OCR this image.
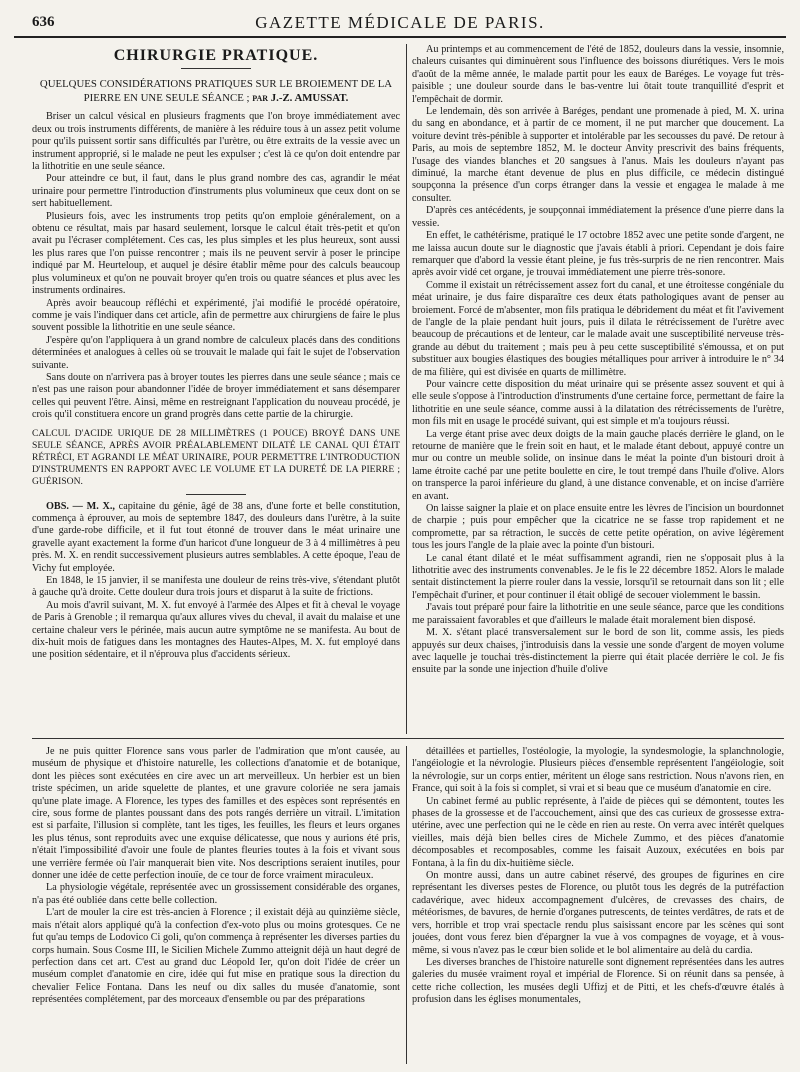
636	GAZETTE MÉDICALE DE PARIS.
CHIRURGIE PRATIQUE.
QUELQUES CONSIDÉRATIONS PRATIQUES SUR LE BROIEMENT DE LA PIERRE EN UNE SEULE SÉANCE ; par J.-Z. AMUSSAT.

Briser un calcul vésical en plusieurs fragments que l'on broye immédiatement avec deux ou trois instruments différents, de manière à les réduire tous à un assez petit volume pour qu'ils puissent sortir sans difficultés par l'urètre, ou être extraits de la vessie avec un instrument approprié, si le malade ne peut les expulser ; c'est là ce qu'on doit entendre par la lithotritie en une seule séance.

Pour atteindre ce but, il faut, dans le plus grand nombre des cas, agrandir le méat urinaire pour permettre l'introduction d'instruments plus volumineux que ceux dont on se sert habituellement.

Plusieurs fois, avec les instruments trop petits qu'on emploie généralement, on a obtenu ce résultat, mais par hasard seulement, lorsque le calcul était très-petit et qu'on avait pu l'écraser complétement. Ces cas, les plus simples et les plus heureux, sont aussi les plus rares que l'on puisse rencontrer ; mais ils ne peuvent servir à poser le principe indiqué par M. Heurteloup, et auquel je désire établir même pour des calculs beaucoup plus volumineux et qu'on ne pouvait broyer qu'en trois ou quatre séances et plus avec les instruments ordinaires.

Après avoir beaucoup réfléchi et expérimenté, j'ai modifié le procédé opératoire, comme je vais l'indiquer dans cet article, afin de permettre aux chirurgiens de faire le plus souvent possible la lithotritie en une seule séance.

J'espère qu'on l'appliquera à un grand nombre de calculeux placés dans des conditions déterminées et analogues à celles où se trouvait le malade qui fait le sujet de l'observation suivante.

Sans doute on n'arrivera pas à broyer toutes les pierres dans une seule séance ; mais ce n'est pas une raison pour abandonner l'idée de broyer immédiatement et sans désemparer celles qui peuvent l'être. Ainsi, même en restreignant l'application du nouveau procédé, je crois qu'il constituera encore un grand progrès dans cette partie de la chirurgie.

CALCUL D'ACIDE URIQUE DE 28 MILLIMÈTRES (1 POUCE) BROYÉ DANS UNE SEULE SÉANCE, APRÈS AVOIR PRÉALABLEMENT DILATÉ LE CANAL QUI ÉTAIT RÉTRÉCI, ET AGRANDI LE MÉAT URINAIRE, POUR PERMETTRE L'INTRODUCTION D'INSTRUMENTS EN RAPPORT AVEC LE VOLUME ET LA DURETÉ DE LA PIERRE ; GUÉRISON.

OBS. — M. X., capitaine du génie, âgé de 38 ans, d'une forte et belle constitution, commença à éprouver, au mois de septembre 1847, des douleurs dans l'urètre, à la suite d'une garde-robe difficile, et il fut tout étonné de trouver dans le méat urinaire une gravelle ayant exactement la forme d'un haricot d'une longueur de 3 à 4 millimètres à peu près. M. X. en rendit successivement plusieurs autres semblables. A cette époque, l'eau de Vichy fut employée.

En 1848, le 15 janvier, il se manifesta une douleur de reins très-vive, s'étendant plutôt à gauche qu'à droite. Cette douleur dura trois jours et disparut à la suite de frictions.

Au mois d'avril suivant, M. X. fut envoyé à l'armée des Alpes et fit à cheval le voyage de Paris à Grenoble ; il remarqua qu'aux allures vives du cheval, il avait du malaise et une certaine chaleur vers le périnée, mais aucun autre symptôme ne se manifesta. Au bout de dix-huit mois de fatigues dans les montagnes des Hautes-Alpes, M. X. fut employé dans une position sédentaire, et il n'éprouva plus d'accidents sérieux.

Au printemps et au commencement de l'été de 1852, douleurs dans la vessie, insomnie, chaleurs cuisantes qui diminuèrent sous l'influence des boissons diurétiques. Vers le mois d'août de la même année, le malade partit pour les eaux de Baréges. Le voyage fut très-paisible ; une douleur sourde dans le bas-ventre lui ôtait toute tranquillité d'esprit et l'empêchait de dormir.

Le lendemain, dès son arrivée à Baréges, pendant une promenade à pied, M. X. urina du sang en abondance, et à partir de ce moment, il ne put marcher que doucement. La voiture devint très-pénible à supporter et intolérable par les secousses du pavé. De retour à Paris, au mois de septembre 1852, M. le docteur Anvity prescrivit des bains fréquents, l'usage des viandes blanches et 20 sangsues à l'anus. Mais les douleurs n'ayant pas diminué, la marche étant devenue de plus en plus difficile, ce médecin distingué soupçonna la présence d'un corps étranger dans la vessie et engagea le malade à me consulter.

D'après ces antécédents, je soupçonnai immédiatement la présence d'une pierre dans la vessie.

En effet, le cathétérisme, pratiqué le 17 octobre 1852 avec une petite sonde d'argent, ne me laissa aucun doute sur le diagnostic que j'avais établi à priori. Cependant je dois faire remarquer que d'abord la vessie étant pleine, je fus très-surpris de ne rien rencontrer. Mais après avoir vidé cet organe, je trouvai immédiatement une pierre très-sonore.

Comme il existait un rétrécissement assez fort du canal, et une étroitesse congéniale du méat urinaire, je dus faire disparaître ces deux états pathologiques avant de penser au broiement. Forcé de m'absenter, mon fils pratiqua le débridement du méat et fit l'avivement de l'angle de la plaie pendant huit jours, puis il dilata le rétrécissement de l'urètre avec beaucoup de précautions et de lenteur, car le malade avait une susceptibilité nerveuse très-grande au début du traitement ; mais peu à peu cette susceptibilité s'émoussa, et on put substituer aux bougies élastiques des bougies métalliques pour arriver à introduire le n° 34 de ma filière, qui est divisée en quarts de millimètre.

Pour vaincre cette disposition du méat urinaire qui se présente assez souvent et qui à elle seule s'oppose à l'introduction d'instruments d'une certaine force, permettant de faire la lithotritie en une seule séance, comme aussi à la dilatation des rétrécissements de l'urètre, mon fils mit en usage le procédé suivant, qui est simple et m'a toujours réussi.

La verge étant prise avec deux doigts de la main gauche placés derrière le gland, on le retourne de manière que le frein soit en haut, et le malade étant debout, appuyé contre un mur ou contre un meuble solide, on insinue dans le méat la pointe d'un bistouri droit à lame étroite caché par une petite boulette en cire, le tout trempé dans l'huile d'olive. Alors on transperce la paroi inférieure du gland, à une distance convenable, et on incise d'arrière en avant.

On laisse saigner la plaie et on place ensuite entre les lèvres de l'incision un bourdonnet de charpie ; puis pour empêcher que la cicatrice ne se fasse trop rapidement et ne compromette, par sa rétraction, le succès de cette petite opération, on avive légèrement tous les jours l'angle de la plaie avec la pointe d'un bistouri.

Le canal étant dilaté et le méat suffisamment agrandi, rien ne s'opposait plus à la lithotritie avec des instruments convenables. Je le fis le 22 décembre 1852. Alors le malade sentait distinctement la pierre rouler dans la vessie, lorsqu'il se retournait dans son lit ; elle l'empêchait d'uriner, et pour continuer il était obligé de secouer violemment le bassin.

J'avais tout préparé pour faire la lithotritie en une seule séance, parce que les conditions me paraissaient favorables et que d'ailleurs le malade était moralement bien disposé.

M. X. s'étant placé transversalement sur le bord de son lit, comme assis, les pieds appuyés sur deux chaises, j'introduisis dans la vessie une sonde d'argent de moyen volume avec laquelle je touchai très-distinctement la pierre qui était placée derrière le col. Je fis ensuite par la sonde une injection d'huile d'olive

Je ne puis quitter Florence sans vous parler de l'admiration que m'ont causée, au muséum de physique et d'histoire naturelle, les collections d'anatomie et de botanique, dont les pièces sont exécutées en cire avec un art merveilleux. Un herbier est un bien triste spécimen, un aride squelette de plantes, et une gravure coloriée ne sera jamais qu'une plate image. A Florence, les types des familles et des espèces sont représentés en cire, sous forme de plantes poussant dans des pots rangés derrière un vitrail. L'imitation est si parfaite, l'illusion si complète, tant les tiges, les feuilles, les fleurs et leurs organes les plus ténus, sont reproduits avec une exquise délicatesse, que nous y aurions été pris, n'était l'impossibilité d'avoir une foule de plantes fleuries toutes à la fois et vivant sous une verrière fermée où l'air manquerait bien vite. Nos descriptions seraient inutiles, pour donner une idée de cette perfection inouïe, de ce tour de force vraiment miraculeux.

La physiologie végétale, représentée avec un grossissement considérable des organes, n'a pas été oubliée dans cette belle collection.

L'art de mouler la cire est très-ancien à Florence ; il existait déjà au quinzième siècle, mais n'était alors appliqué qu'à la confection d'ex-voto plus ou moins grotesques. Ce ne fut qu'au temps de Lodovico Ci goli, qu'on commença à représenter les diverses parties du corps humain. Sous Cosme III, le Sicilien Michele Zummo atteignit déjà un haut degré de perfection dans cet art. C'est au grand duc Léopold Ier, qu'on doit l'idée de créer un muséum complet d'anatomie en cire, idée qui fut mise en pratique sous la direction du chevalier Felice Fontana. Dans les neuf ou dix salles du musée d'anatomie, sont représentées complétement, par des morceaux d'ensemble ou par des préparations

détaillées et partielles, l'ostéologie, la myologie, la syndesmologie, la splanchnologie, l'angéiologie et la névrologie. Plusieurs pièces d'ensemble représentent l'angéiologie, soit la névrologie, sur un corps entier, méritent un éloge sans restriction. Nous n'avons rien, en France, qui soit à la fois si complet, si vrai et si beau que ce muséum d'anatomie en cire.

Un cabinet fermé au public représente, à l'aide de pièces qui se démontent, toutes les phases de la grossesse et de l'accouchement, ainsi que des cas curieux de grossesse extra-utérine, avec une perfection qui ne le cède en rien au reste. On verra avec intérêt quelques vieilles, mais déjà bien belles cires de Michele Zummo, et des pièces d'anatomie décomposables et recomposables, comme les faisait Auzoux, exécutées en bois par Fontana, à la fin du dix-huitième siècle.

On montre aussi, dans un autre cabinet réservé, des groupes de figurines en cire représentant les diverses pestes de Florence, ou plutôt tous les degrés de la putréfaction cadavérique, avec hideux accompagnement d'ulcères, de crevasses des chairs, de météorismes, de bavures, de hernie d'organes putrescents, de teintes verdâtres, de rats et de vers, horrible et trop vrai spectacle rendu plus saisissant encore par les scènes qui sont jouées, dont vous ferez bien d'épargner la vue à vos compagnes de voyage, et à vous-même, si vous n'avez pas le cœur bien solide et le bol alimentaire au delà du cardia.

Les diverses branches de l'histoire naturelle sont dignement représentées dans les autres galeries du musée vraiment royal et impérial de Florence. Si on réunit dans sa pensée, à cette riche collection, les musées degli Uffizj et de Pitti, et les chefs-d'œuvre étalés à profusion dans les églises monumentales,
